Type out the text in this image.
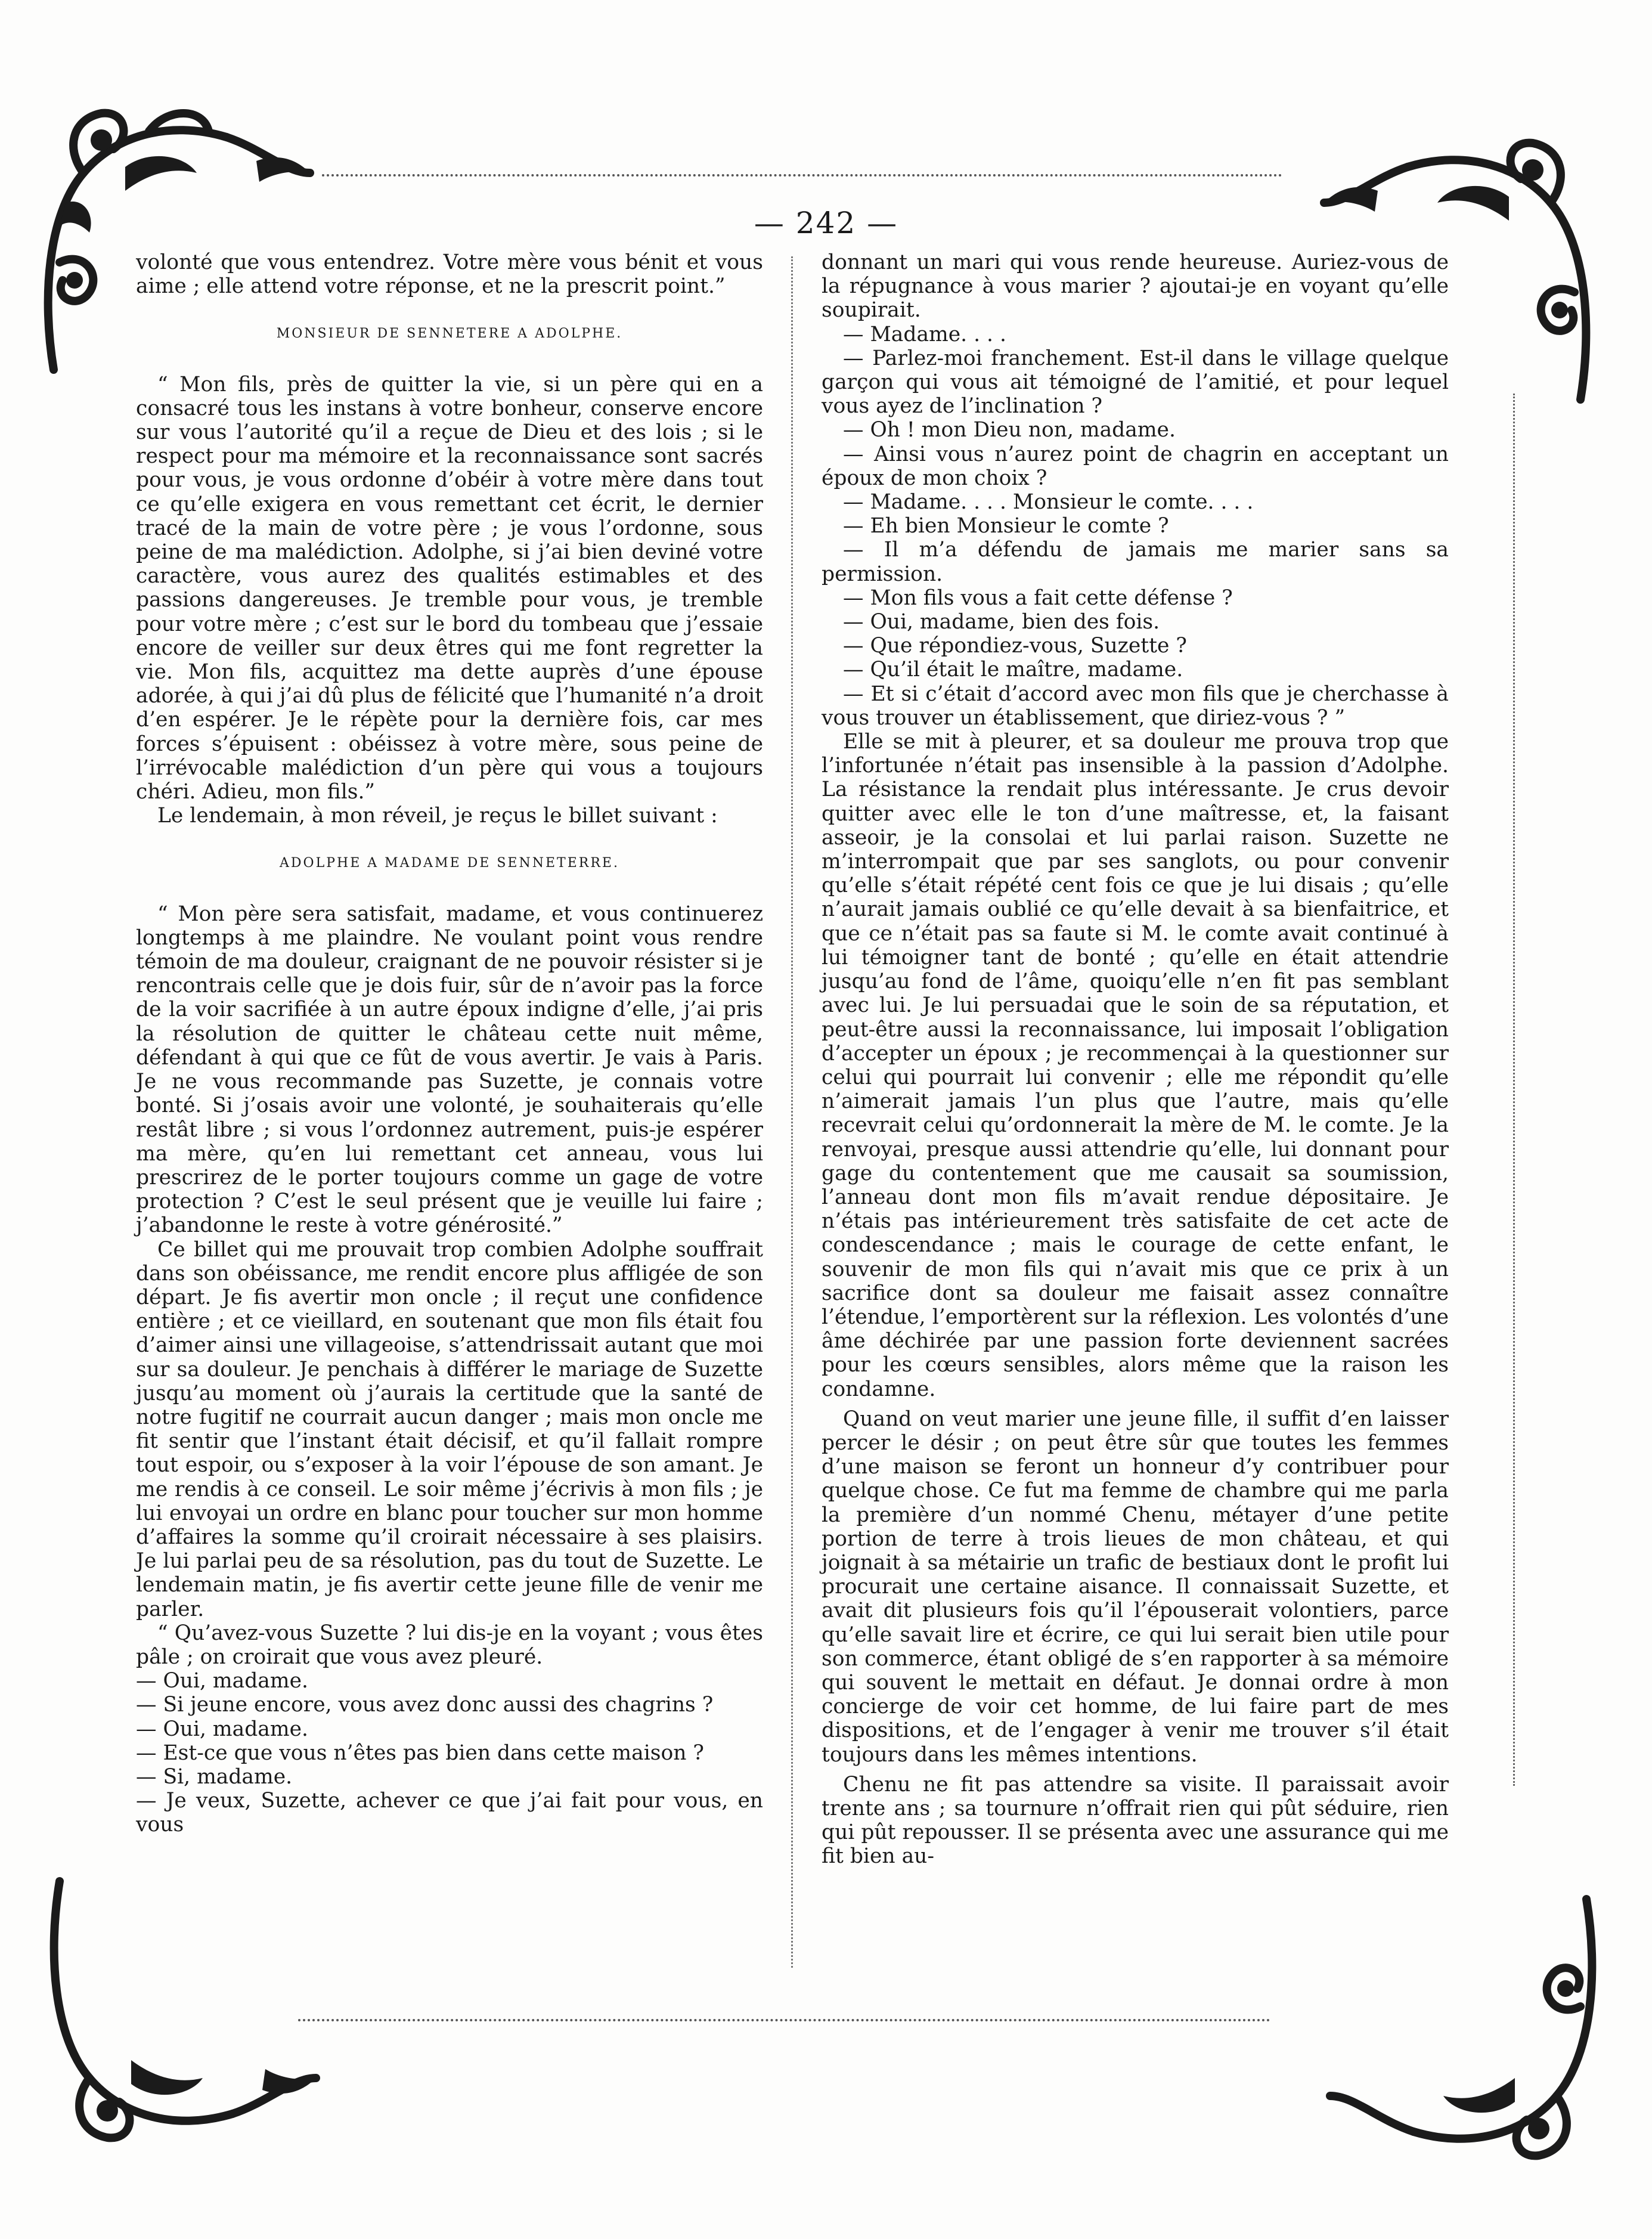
— 242 —

volonté que vous entendrez. Votre mère vous bénit et vous aime ; elle attend votre réponse, et ne la prescrit point.”

MONSIEUR DE SENNETERE A ADOLPHE.

“ Mon fils, près de quitter la vie, si un père qui en a consacré tous les instans à votre bonheur, conserve encore sur vous l’autorité qu’il a reçue de Dieu et des lois ; si le respect pour ma mémoire et la reconnaissance sont sacrés pour vous, je vous ordonne d’obéir à votre mère dans tout ce qu’elle exigera en vous remettant cet écrit, le dernier tracé de la main de votre père ; je vous l’ordonne, sous peine de ma malédiction. Adolphe, si j’ai bien deviné votre caractère, vous aurez des qualités estimables et des passions dangereuses. Je tremble pour vous, je tremble pour votre mère ; c’est sur le bord du tombeau que j’essaie encore de veiller sur deux êtres qui me font regretter la vie. Mon fils, acquittez ma dette auprès d’une épouse adorée, à qui j’ai dû plus de félicité que l’humanité n’a droit d’en espérer. Je le répète pour la dernière fois, car mes forces s’épuisent : obéissez à votre mère, sous peine de l’irrévocable malédiction d’un père qui vous a toujours chéri. Adieu, mon fils.”

Le lendemain, à mon réveil, je reçus le billet suivant :

ADOLPHE A MADAME DE SENNETERRE.

“ Mon père sera satisfait, madame, et vous continuerez longtemps à me plaindre. Ne voulant point vous rendre témoin de ma douleur, craignant de ne pouvoir résister si je rencontrais celle que je dois fuir, sûr de n’avoir pas la force de la voir sacrifiée à un autre époux indigne d’elle, j’ai pris la résolution de quitter le château cette nuit même, défendant à qui que ce fût de vous avertir. Je vais à Paris. Je ne vous recommande pas Suzette, je connais votre bonté. Si j’osais avoir une volonté, je souhaiterais qu’elle restât libre ; si vous l’ordonnez autrement, puis-je espérer ma mère, qu’en lui remettant cet anneau, vous lui prescrirez de le porter toujours comme un gage de votre protection ? C’est le seul présent que je veuille lui faire ; j’abandonne le reste à votre générosité.”

Ce billet qui me prouvait trop combien Adolphe souffrait dans son obéissance, me rendit encore plus affligée de son départ. Je fis avertir mon oncle ; il reçut une confidence entière ; et ce vieillard, en soutenant que mon fils était fou d’aimer ainsi une villageoise, s’attendrissait autant que moi sur sa douleur. Je penchais à différer le mariage de Suzette jusqu’au moment où j’aurais la certitude que la santé de notre fugitif ne courrait aucun danger ; mais mon oncle me fit sentir que l’instant était décisif, et qu’il fallait rompre tout espoir, ou s’exposer à la voir l’épouse de son amant. Je me rendis à ce conseil. Le soir même j’écrivis à mon fils ; je lui envoyai un ordre en blanc pour toucher sur mon homme d’affaires la somme qu’il croirait nécessaire à ses plaisirs. Je lui parlai peu de sa résolution, pas du tout de Suzette. Le lendemain matin, je fis avertir cette jeune fille de venir me parler.

“ Qu’avez-vous Suzette ? lui dis-je en la voyant ; vous êtes pâle ; on croirait que vous avez pleuré.

— Oui, madame.

— Si jeune encore, vous avez donc aussi des chagrins ?

— Oui, madame.

— Est-ce que vous n’êtes pas bien dans cette maison ?

— Si, madame.

— Je veux, Suzette, achever ce que j’ai fait pour vous, en vous

donnant un mari qui vous rende heureuse. Auriez-vous de la répugnance à vous marier ? ajoutai-je en voyant qu’elle soupirait.

— Madame. . . .

— Parlez-moi franchement. Est-il dans le village quelque garçon qui vous ait témoigné de l’amitié, et pour lequel vous ayez de l’inclination ?

— Oh ! mon Dieu non, madame.

— Ainsi vous n’aurez point de chagrin en acceptant un époux de mon choix ?

— Madame. . . . Monsieur le comte. . . .

— Eh bien Monsieur le comte ?

— Il m’a défendu de jamais me marier sans sa permission.

— Mon fils vous a fait cette défense ?

— Oui, madame, bien des fois.

— Que répondiez-vous, Suzette ?

— Qu’il était le maître, madame.

— Et si c’était d’accord avec mon fils que je cherchasse à vous trouver un établissement, que diriez-vous ? ”

Elle se mit à pleurer, et sa douleur me prouva trop que l’infortunée n’était pas insensible à la passion d’Adolphe. La résistance la rendait plus intéressante. Je crus devoir quitter avec elle le ton d’une maîtresse, et, la faisant asseoir, je la consolai et lui parlai raison. Suzette ne m’interrompait que par ses sanglots, ou pour convenir qu’elle s’était répété cent fois ce que je lui disais ; qu’elle n’aurait jamais oublié ce qu’elle devait à sa bienfaitrice, et que ce n’était pas sa faute si M. le comte avait continué à lui témoigner tant de bonté ; qu’elle en était attendrie jusqu’au fond de l’âme, quoiqu’elle n’en fit pas semblant avec lui. Je lui persuadai que le soin de sa réputation, et peut-être aussi la reconnaissance, lui imposait l’obligation d’accepter un époux ; je recommençai à la questionner sur celui qui pourrait lui convenir ; elle me répondit qu’elle n’aimerait jamais l’un plus que l’autre, mais qu’elle recevrait celui qu’ordonnerait la mère de M. le comte. Je la renvoyai, presque aussi attendrie qu’elle, lui donnant pour gage du contentement que me causait sa soumission, l’anneau dont mon fils m’avait rendue dépositaire. Je n’étais pas intérieurement très satisfaite de cet acte de condescendance ; mais le courage de cette enfant, le souvenir de mon fils qui n’avait mis que ce prix à un sacrifice dont sa douleur me faisait assez connaître l’étendue, l’emportèrent sur la réflexion. Les volontés d’une âme déchirée par une passion forte deviennent sacrées pour les cœurs sensibles, alors même que la raison les condamne.

Quand on veut marier une jeune fille, il suffit d’en laisser percer le désir ; on peut être sûr que toutes les femmes d’une maison se feront un honneur d’y contribuer pour quelque chose. Ce fut ma femme de chambre qui me parla la première d’un nommé Chenu, métayer d’une petite portion de terre à trois lieues de mon château, et qui joignait à sa métairie un trafic de bestiaux dont le profit lui procurait une certaine aisance. Il connaissait Suzette, et avait dit plusieurs fois qu’il l’épouserait volontiers, parce qu’elle savait lire et écrire, ce qui lui serait bien utile pour son commerce, étant obligé de s’en rapporter à sa mémoire qui souvent le mettait en défaut. Je donnai ordre à mon concierge de voir cet homme, de lui faire part de mes dispositions, et de l’engager à venir me trouver s’il était toujours dans les mêmes intentions.

Chenu ne fit pas attendre sa visite. Il paraissait avoir trente ans ; sa tournure n’offrait rien qui pût séduire, rien qui pût repousser. Il se présenta avec une assurance qui me fit bien au-
